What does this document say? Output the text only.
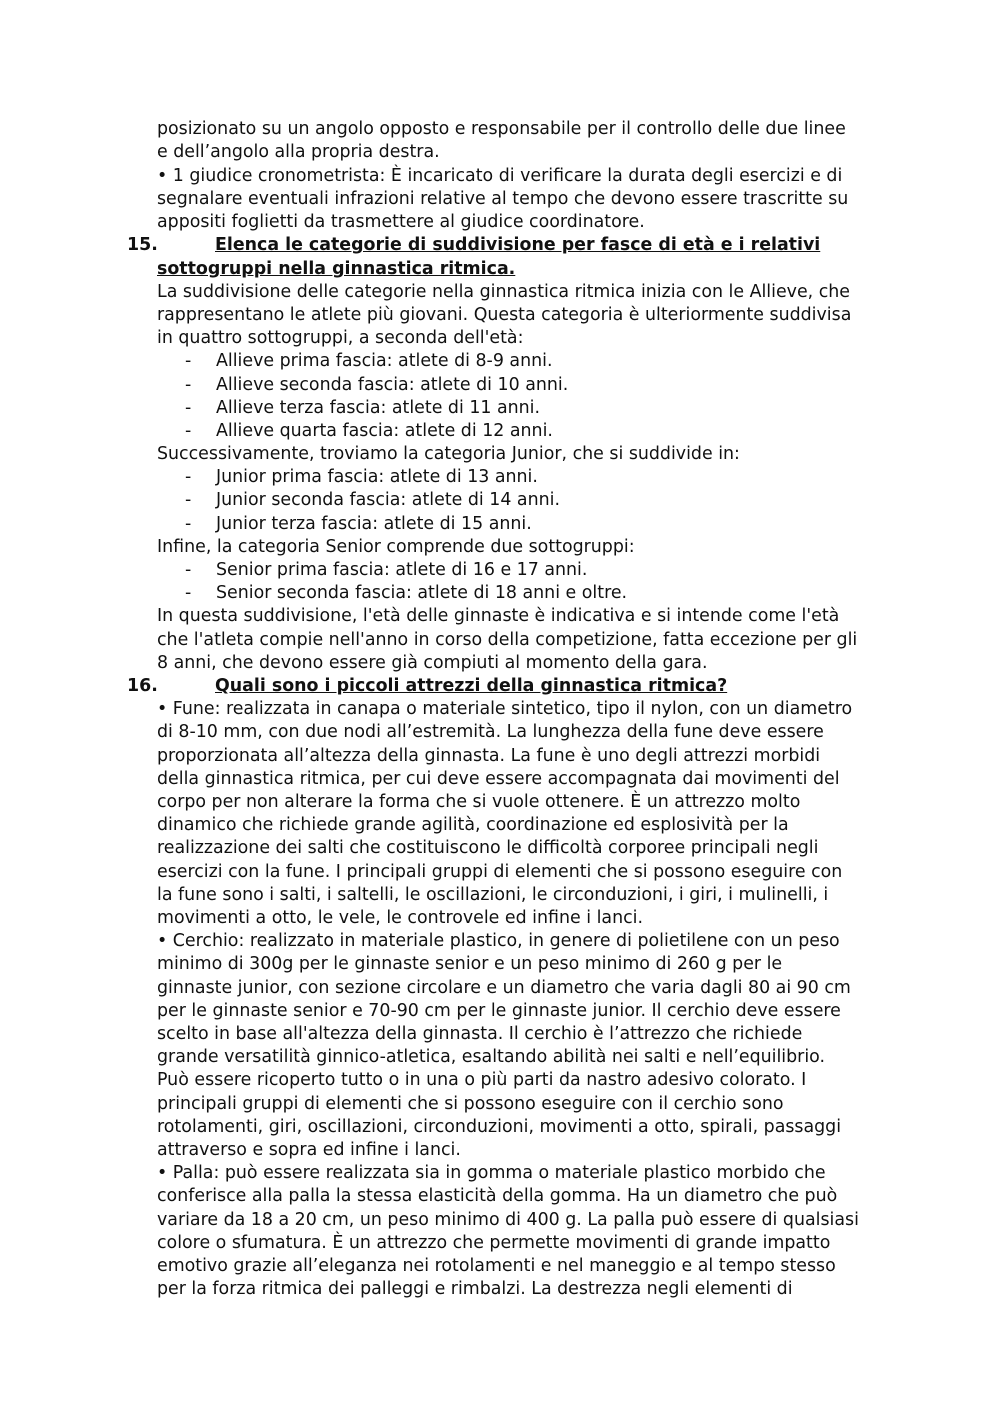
posizionato su un angolo opposto e responsabile per il controllo delle due linee

e dell’angolo alla propria destra.

• 1 giudice cronometrista: È incaricato di verificare la durata degli esercizi e di

segnalare eventuali infrazioni relative al tempo che devono essere trascritte su

appositi foglietti da trasmettere al giudice coordinatore.

15.	Elenca le categorie di suddivisione per fasce di età e i relativi

sottogruppi nella ginnastica ritmica.

La suddivisione delle categorie nella ginnastica ritmica inizia con le Allieve, che

rappresentano le atlete più giovani. Questa categoria è ulteriormente suddivisa

in quattro sottogruppi, a seconda dell'età:

- Allieve prima fascia: atlete di 8-9 anni.

- Allieve seconda fascia: atlete di 10 anni.

- Allieve terza fascia: atlete di 11 anni.

- Allieve quarta fascia: atlete di 12 anni.

Successivamente, troviamo la categoria Junior, che si suddivide in:

- Junior prima fascia: atlete di 13 anni.

- Junior seconda fascia: atlete di 14 anni.

- Junior terza fascia: atlete di 15 anni.

Infine, la categoria Senior comprende due sottogruppi:

- Senior prima fascia: atlete di 16 e 17 anni.

- Senior seconda fascia: atlete di 18 anni e oltre.

In questa suddivisione, l'età delle ginnaste è indicativa e si intende come l'età

che l'atleta compie nell'anno in corso della competizione, fatta eccezione per gli

8 anni, che devono essere già compiuti al momento della gara.

16.	Quali sono i piccoli attrezzi della ginnastica ritmica?

• Fune: realizzata in canapa o materiale sintetico, tipo il nylon, con un diametro

di 8-10 mm, con due nodi all’estremità. La lunghezza della fune deve essere

proporzionata all’altezza della ginnasta. La fune è uno degli attrezzi morbidi

della ginnastica ritmica, per cui deve essere accompagnata dai movimenti del

corpo per non alterare la forma che si vuole ottenere. È un attrezzo molto

dinamico che richiede grande agilità, coordinazione ed esplosività per la

realizzazione dei salti che costituiscono le difficoltà corporee principali negli

esercizi con la fune. I principali gruppi di elementi che si possono eseguire con

la fune sono i salti, i saltelli, le oscillazioni, le circonduzioni, i giri, i mulinelli, i

movimenti a otto, le vele, le controvele ed infine i lanci.

• Cerchio: realizzato in materiale plastico, in genere di polietilene con un peso

minimo di 300g per le ginnaste senior e un peso minimo di 260 g per le

ginnaste junior, con sezione circolare e un diametro che varia dagli 80 ai 90 cm

per le ginnaste senior e 70-90 cm per le ginnaste junior. Il cerchio deve essere

scelto in base all'altezza della ginnasta. Il cerchio è l’attrezzo che richiede

grande versatilità ginnico-atletica, esaltando abilità nei salti e nell’equilibrio.

Può essere ricoperto tutto o in una o più parti da nastro adesivo colorato. I

principali gruppi di elementi che si possono eseguire con il cerchio sono

rotolamenti, giri, oscillazioni, circonduzioni, movimenti a otto, spirali, passaggi

attraverso e sopra ed infine i lanci.

• Palla: può essere realizzata sia in gomma o materiale plastico morbido che

conferisce alla palla la stessa elasticità della gomma. Ha un diametro che può

variare da 18 a 20 cm, un peso minimo di 400 g. La palla può essere di qualsiasi

colore o sfumatura. È un attrezzo che permette movimenti di grande impatto

emotivo grazie all’eleganza nei rotolamenti e nel maneggio e al tempo stesso

per la forza ritmica dei palleggi e rimbalzi. La destrezza negli elementi di
